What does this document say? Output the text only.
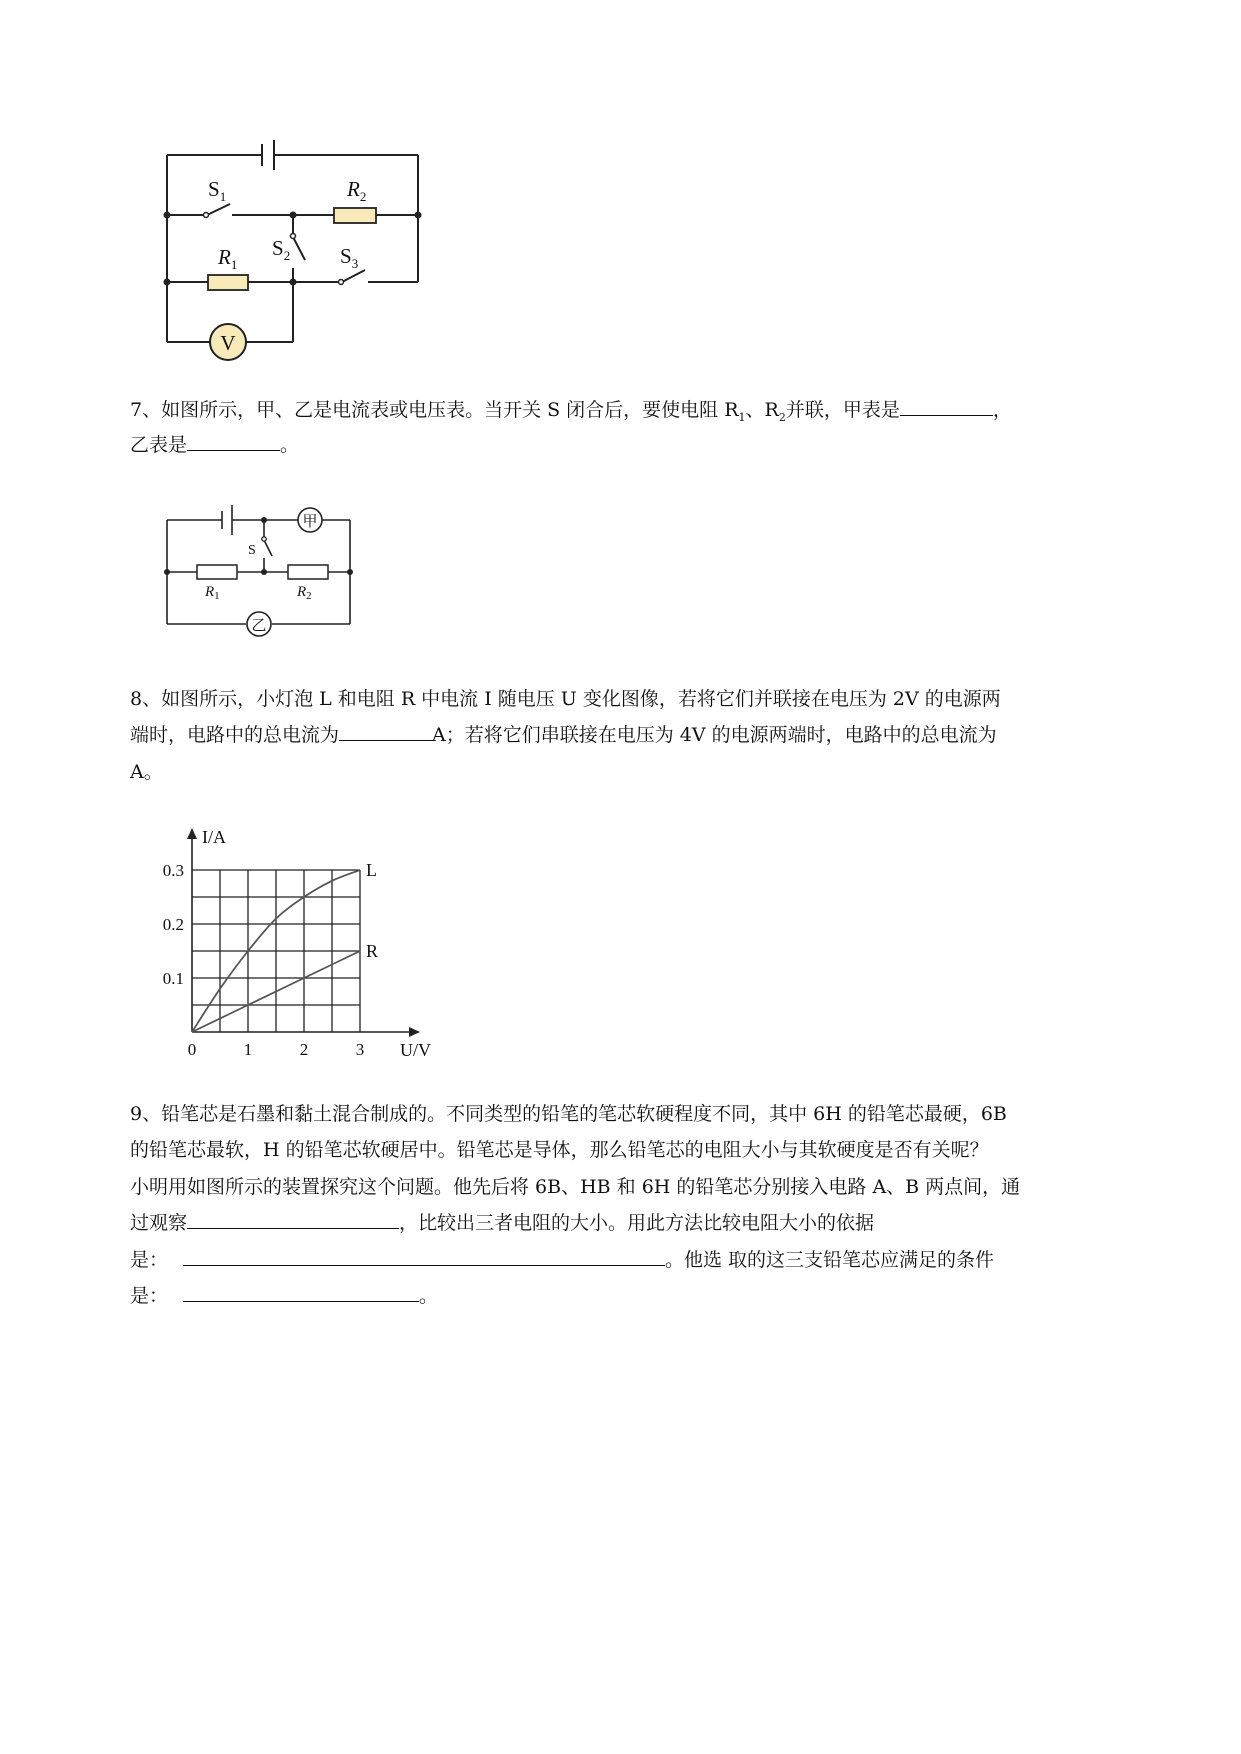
V
$S_1$	$R_2$
$S_2$ $S_3$
$R_1$
7、如图所示，甲、乙是电流表或电压表。当开关 S 闭合后，要使电阻 $R_1$、$R_2$并联，甲表是	，
乙表是	。
甲
乙
S
$R_1$	$R_2$
8、如图所示，小灯泡 L 和电阻 R 中电流 I 随电压 U 变化图像，若将它们并联接在电压为 2V 的电源两
端时，电路中的总电流为	A；若将它们串联接在电压为 4V 的电源两端时，电路中的总电流为
A。
0	1	2	3
0.1
0.2
0.3
U/V
I/A
L
R
9、铅笔芯是石墨和黏土混合制成的。不同类型的铅笔的笔芯软硬程度不同，其中 6H 的铅笔芯最硬，6B
的铅笔芯最软，H 的铅笔芯软硬居中。铅笔芯是导体，那么铅笔芯的电阻大小与其软硬度是否有关呢？
小明用如图所示的装置探究这个问题。他先后将 6B、HB 和 6H 的铅笔芯分别接入电路 A、B 两点间，通
过观察	，比较出三者电阻的大小。用此方法比较电阻大小的依据
是：	。他选 取的这三支铅笔芯应满足的条件
是：	。
